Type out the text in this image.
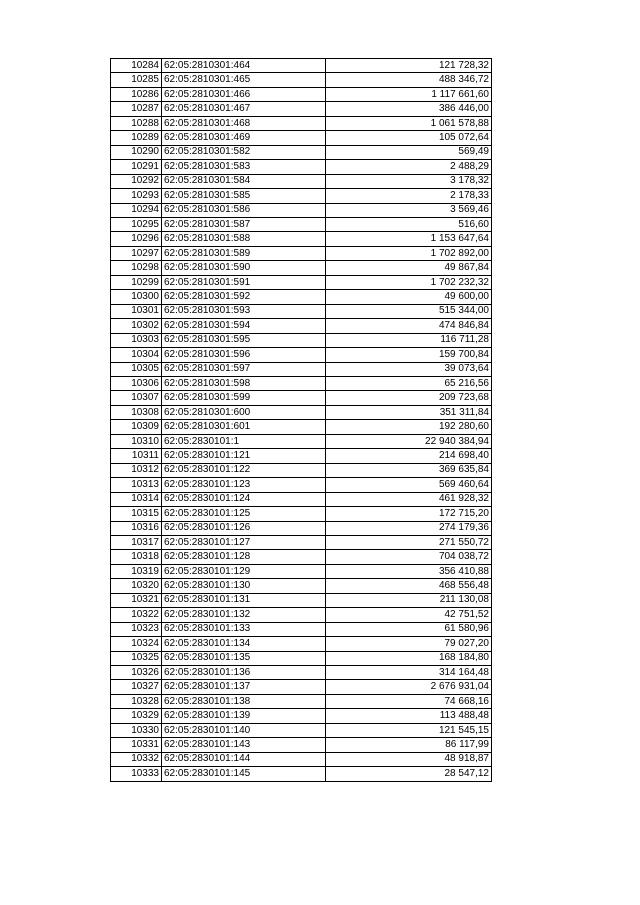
10284	62:05:2810301:464	121 728,32
10285	62:05:2810301:465	488 346,72
10286	62:05:2810301:466	1 117 661,60
10287	62:05:2810301:467	386 446,00
10288	62:05:2810301:468	1 061 578,88
10289	62:05:2810301:469	105 072,64
10290	62:05:2810301:582	569,49
10291	62:05:2810301:583	2 488,29
10292	62:05:2810301:584	3 178,32
10293	62:05:2810301:585	2 178,33
10294	62:05:2810301:586	3 569,46
10295	62:05:2810301:587	516,60
10296	62:05:2810301:588	1 153 647,64
10297	62:05:2810301:589	1 702 892,00
10298	62:05:2810301:590	49 867,84
10299	62:05:2810301:591	1 702 232,32
10300	62:05:2810301:592	49 600,00
10301	62:05:2810301:593	515 344,00
10302	62:05:2810301:594	474 846,84
10303	62:05:2810301:595	116 711,28
10304	62:05:2810301:596	159 700,84
10305	62:05:2810301:597	39 073,64
10306	62:05:2810301:598	65 216,56
10307	62:05:2810301:599	209 723,68
10308	62:05:2810301:600	351 311,84
10309	62:05:2810301:601	192 280,60
10310	62:05:2830101:1	22 940 384,94
10311	62:05:2830101:121	214 698,40
10312	62:05:2830101:122	369 635,84
10313	62:05:2830101:123	569 460,64
10314	62:05:2830101:124	461 928,32
10315	62:05:2830101:125	172 715,20
10316	62:05:2830101:126	274 179,36
10317	62:05:2830101:127	271 550,72
10318	62:05:2830101:128	704 038,72
10319	62:05:2830101:129	356 410,88
10320	62:05:2830101:130	468 556,48
10321	62:05:2830101:131	211 130,08
10322	62:05:2830101:132	42 751,52
10323	62:05:2830101:133	61 580,96
10324	62:05:2830101:134	79 027,20
10325	62:05:2830101:135	168 184,80
10326	62:05:2830101:136	314 164,48
10327	62:05:2830101:137	2 676 931,04
10328	62:05:2830101:138	74 668,16
10329	62:05:2830101:139	113 488,48
10330	62:05:2830101:140	121 545,15
10331	62:05:2830101:143	86 117,99
10332	62:05:2830101:144	48 918,87
10333	62:05:2830101:145	28 547,12
